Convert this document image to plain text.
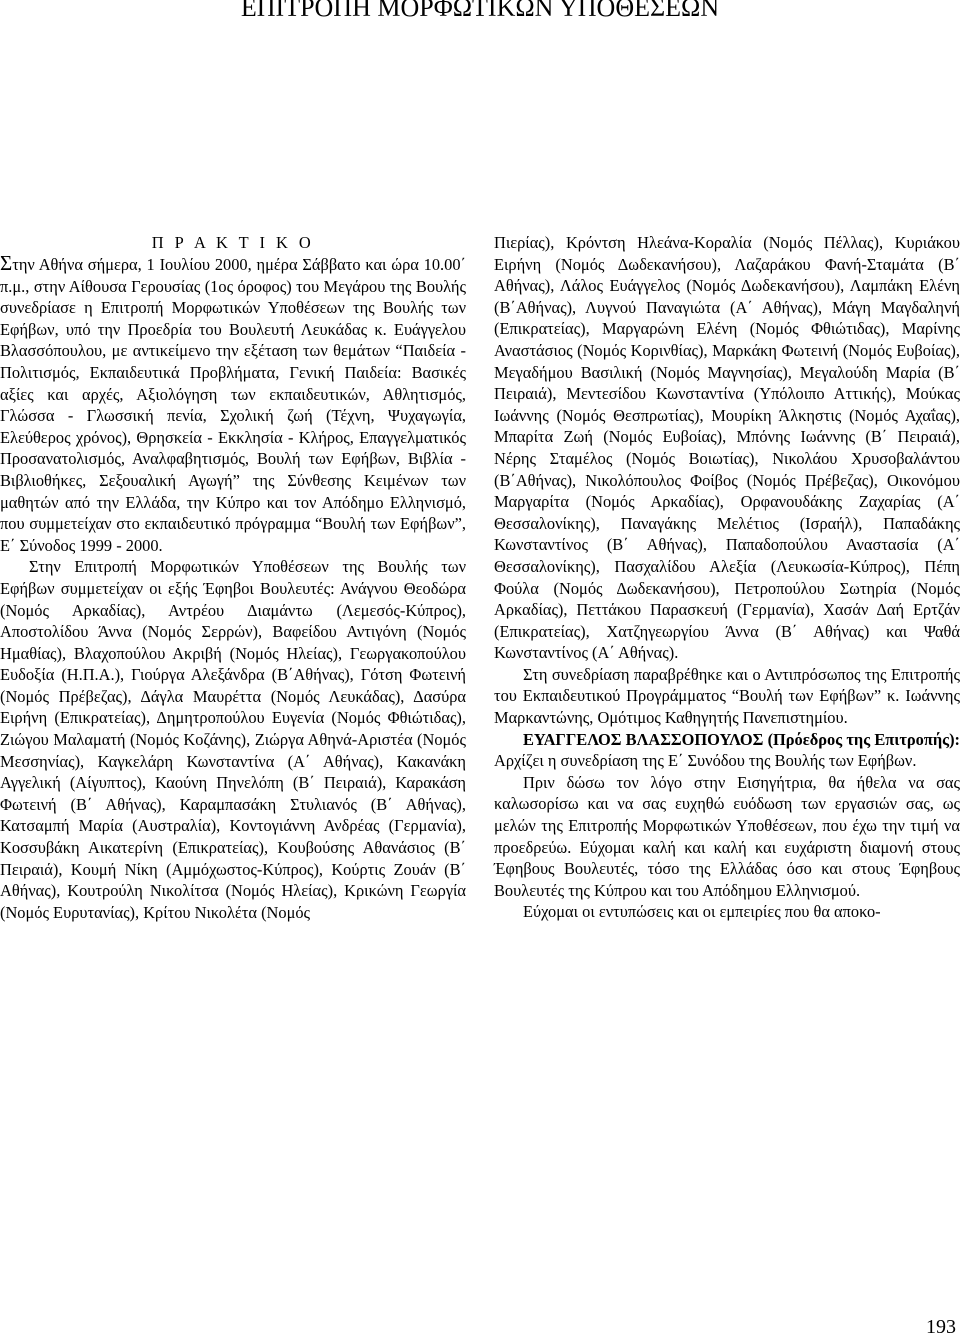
ΕΠΙΤΡΟΠΗ ΜΟΡΦΩΤΙΚΩΝ ΥΠΟΘΕΣΕΩΝ

Π Ρ Α Κ Τ Ι Κ Ο

Στην Αθήνα σήμερα, 1 Ιουλίου 2000, ημέρα Σάββατο και ώρα 10.00΄ π.μ., στην Αίθουσα Γερουσίας (1ος όροφος) του Μεγάρου της Βουλής συνεδρίασε η Επιτροπή Μορφωτικών Υποθέσεων της Βουλής των Εφήβων, υπό την Προεδρία του Βουλευτή Λευκάδας κ. Ευάγγελου Βλασσόπουλου, με αντικείμενο την εξέταση των θεμάτων “Παιδεία - Πολιτισμός, Εκπαιδευτικά Προβλήματα, Γενική Παιδεία: Βασικές αξίες και αρχές, Αξιολόγηση των εκπαιδευτικών, Αθλητισμός, Γλώσσα - Γλωσσική πενία, Σχολική ζωή (Τέχνη, Ψυχαγωγία, Ελεύθερος χρόνος), Θρησκεία - Εκκλησία - Κλήρος, Επαγγελματικός Προσανατολισμός, Αναλφαβητισμός, Βουλή των Εφήβων, Βιβλία - Βιβλιοθήκες, Σεξουαλική Αγωγή” της Σύνθεσης Κειμένων των μαθητών από την Ελλάδα, την Κύπρο και τον Απόδημο Ελληνισμό, που συμμετείχαν στο εκπαιδευτικό πρόγραμμα “Βουλή των Εφήβων”, Ε΄ Σύνοδος 1999 - 2000.

Στην Επιτροπή Μορφωτικών Υποθέσεων της Βουλής των Εφήβων συμμετείχαν οι εξής Έφηβοι Βουλευτές: Ανάγνου Θεοδώρα (Νομός Αρκαδίας), Αντρέου Διαμάντω (Λεμεσός-Κύπρος), Αποστολίδου Άννα (Νομός Σερρών), Βαφείδου Αντιγόνη (Νομός Ημαθίας), Βλαχοπούλου Ακριβή (Νομός Ηλείας), Γεωργακοπούλου Ευδοξία (Η.Π.Α.), Γιούργα Αλεξάνδρα (Β΄Αθήνας), Γότση Φωτεινή (Νομός Πρέβεζας), Δάγλα Μαυρέττα (Νομός Λευκάδας), Δασύρα Ειρήνη (Επικρατείας), Δημητροπούλου Ευγενία (Νομός Φθιώτιδας), Ζιώγου Μαλαματή (Νομός Κοζάνης), Ζιώργα Αθηνά-Αριστέα (Νομός Μεσσηνίας), Καγκελάρη Κωνσταντίνα (Α΄ Αθήνας), Κακανάκη Αγγελική (Αίγυπτος), Καούνη Πηνελόπη (Β΄ Πειραιά), Καρακάση Φωτεινή (Β΄ Αθήνας), Καραμπασάκη Στυλιανός (Β΄ Αθήνας), Κατσαμπή Μαρία (Αυστραλία), Κοντογιάννη Ανδρέας (Γερμανία), Κοσσυβάκη Αικατερίνη (Επικρατείας), Κουβούσης Αθανάσιος (Β΄ Πειραιά), Κουμή Νίκη (Αμμόχωστος-Κύπρος), Κούρτις Ζουάν (Β΄ Αθήνας), Κουτρούλη Νικολίτσα (Νομός Ηλείας), Κρικώνη Γεωργία (Νομός Ευρυτανίας), Κρίτου Νικολέτα (Νομός

Πιερίας), Κρόντση Ηλεάνα-Κοραλία (Νομός Πέλλας), Κυριάκου Ειρήνη (Νομός Δωδεκανήσου), Λαζαράκου Φανή-Σταμάτα (Β΄ Αθήνας), Λάλος Ευάγγελος (Νομός Δωδεκανήσου), Λαμπάκη Ελένη (Β΄Αθήνας), Λυγνού Παναγιώτα (Α΄ Αθήνας), Μάγη Μαγδαληνή (Επικρατείας), Μαργαρώνη Ελένη (Νομός Φθιώτιδας), Μαρίνης Αναστάσιος (Νομός Κορινθίας), Μαρκάκη Φωτεινή (Νομός Ευβοίας), Μεγαδήμου Βασιλική (Νομός Μαγνησίας), Μεγαλούδη Μαρία (Β΄ Πειραιά), Μεντεσίδου Κωνσταντίνα (Υπόλοιπο Αττικής), Μούκας Ιωάννης (Νομός Θεσπρωτίας), Μουρίκη Άλκηστις (Νομός Αχαΐας), Μπαρίτα Ζωή (Νομός Ευβοίας), Μπόνης Ιωάννης (Β΄ Πειραιά), Νέρης Σταμέλος (Νομός Βοιωτίας), Νικολάου Χρυσοβαλάντου (Β΄Αθήνας), Νικολόπουλος Φοίβος (Νομός Πρέβεζας), Οικονόμου Μαργαρίτα (Νομός Αρκαδίας), Ορφανουδάκης Ζαχαρίας (Α΄ Θεσσαλονίκης), Παναγάκης Μελέτιος (Ισραήλ), Παπαδάκης Κωνσταντίνος (Β΄ Αθήνας), Παπαδοπούλου Αναστασία (Α΄ Θεσσαλονίκης), Πασχαλίδου Αλεξία (Λευκωσία-Κύπρος), Πέπη Φούλα (Νομός Δωδεκανήσου), Πετροπούλου Σωτηρία (Νομός Αρκαδίας), Πεττάκου Παρασκευή (Γερμανία), Χασάν Δαή Ερτζάν (Επικρατείας), Χατζηγεωργίου Άννα (Β΄ Αθήνας) και Ψαθά Κωνσταντίνος (Α΄ Αθήνας).

Στη συνεδρίαση παραβρέθηκε και ο Αντιπρόσωπος της Επιτροπής του Εκπαιδευτικού Προγράμματος “Βουλή των Εφήβων” κ. Ιωάννης Μαρκαντώνης, Ομότιμος Καθηγητής Πανεπιστημίου.

ΕΥΑΓΓΕΛΟΣ ΒΛΑΣΣΟΠΟΥΛΟΣ (Πρόεδρος της Επιτροπής): Αρχίζει η συνεδρίαση της Ε΄ Συνόδου της Βουλής των Εφήβων.

Πριν δώσω τον λόγο στην Εισηγήτρια, θα ήθελα να σας καλωσορίσω και να σας ευχηθώ ευόδωση των εργασιών σας, ως μελών της Επιτροπής Μορφωτικών Υποθέσεων, που έχω την τιμή να προεδρεύω. Εύχομαι καλή και καλή και ευχάριστη διαμονή στους Έφηβους Βουλευτές, τόσο της Ελλάδας όσο και στους Έφηβους Βουλευτές της Κύπρου και του Απόδημου Ελληνισμού.

Εύχομαι οι εντυπώσεις και οι εμπειρίες που θα αποκο-

193
